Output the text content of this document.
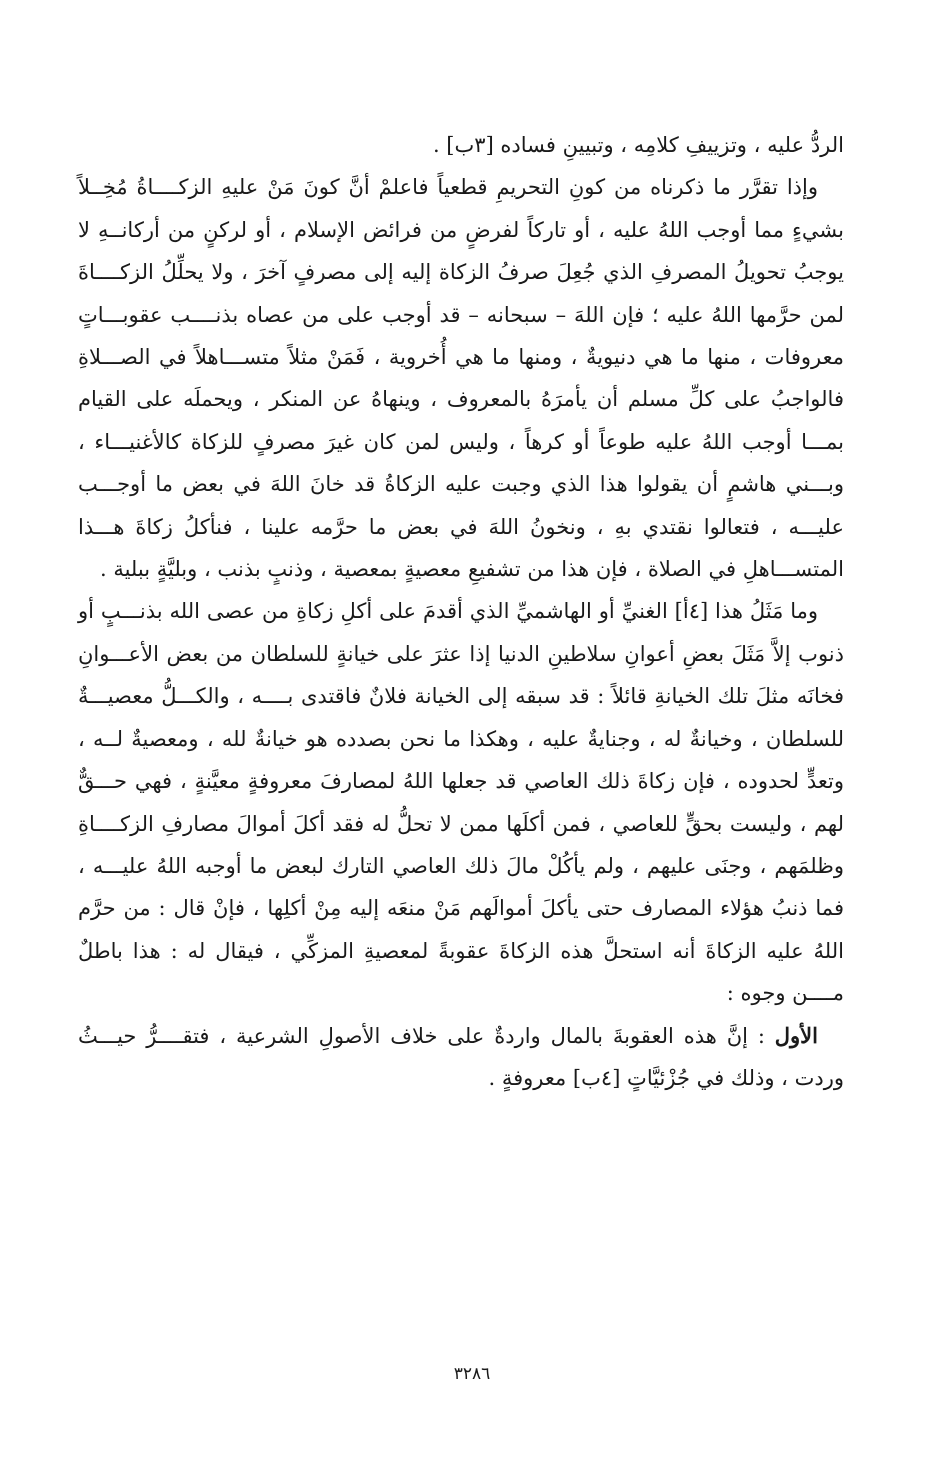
الردُّ عليه ، وتزييفِ كلامِه ، وتبيينِ فساده [٣ب] .

وإذا تقرَّر ما ذكرناه من كونِ التحريمِ قطعياً فاعلمْ أنَّ كونَ مَنْ عليهِ الزكــــاةُ مُخِــلاً بشيءٍ مما أوجب اللهُ عليه ، أو تاركاً لفرضٍ من فرائض الإسلام ، أو لركنٍ من أركانــهِ لا يوجبُ تحويلُ المصرفِ الذي جُعِلَ صرفُ الزكاة إليه إلى مصرفٍ آخرَ ، ولا يحلِّلُ الزكــــاةَ لمن حرَّمها اللهُ عليه ؛ فإن اللهَ – سبحانه – قد أوجب على من عصاه بذنــــب عقوبـــاتٍ معروفات ، منها ما هي دنيويةٌ ، ومنها ما هي أُخروية ، فَمَنْ مثلاً متســـاهلاً في الصـــلاةِ فالواجبُ على كلِّ مسلم أن يأمرَهُ بالمعروف ، وينهاهُ عن المنكر ، ويحملَه على القيام بمـــا أوجب اللهُ عليه طوعاً أو كرهاً ، وليس لمن كان غيرَ مصرفٍ للزكاة كالأغنيـــاء ، وبـــني هاشمٍ أن يقولوا هذا الذي وجبت عليه الزكاةُ قد خانَ اللهَ في بعض ما أوجـــب عليـــه ، فتعالوا نقتدي بهِ ، ونخونُ اللهَ في بعض ما حرَّمه علينا ، فنأكلُ زكاةَ هـــذا المتســـاهلِ في الصلاة ، فإن هذا من تشفيعِ معصيةٍ بمعصية ، وذنبٍ بذنب ، وبليَّةٍ ببلية .

وما مَثَلُ هذا [٤أ] الغنيِّ أو الهاشميِّ الذي أقدمَ على أكلِ زكاةِ من عصى الله بذنـــبٍ أو ذنوب إلاَّ مَثَلَ بعضِ أعوانِ سلاطينِ الدنيا إذا عثرَ على خيانةٍ للسلطان من بعض الأعـــوانِ فخانَه مثلَ تلك الخيانةِ قائلاً : قد سبقه إلى الخيانة فلانٌ فاقتدى بــــه ، والكـــلُّ معصيـــةٌ للسلطان ، وخيانةٌ له ، وجنايةٌ عليه ، وهكذا ما نحن بصدده هو خيانةٌ لله ، ومعصيةٌ لــه ، وتعدٍّ لحدوده ، فإن زكاةَ ذلك العاصي قد جعلها اللهُ لمصارفَ معروفةٍ معيَّنةٍ ، فهي حـــقٌّ لهم ، وليست بحقٍّ للعاصي ، فمن أكلَها ممن لا تحلُّ له فقد أكلَ أموالَ مصارفِ الزكــــاةِ وظلمَهم ، وجنَى عليهم ، ولم يأكُلْ مالَ ذلك العاصي التارك لبعض ما أوجبه اللهُ عليـــه ، فما ذنبُ هؤلاء المصارف حتى يأكلَ أموالَهم مَنْ منعَه إليه مِنْ أكلِها ، فإنْ قال : من حرَّم اللهُ عليه الزكاةَ أنه استحلَّ هذه الزكاةَ عقوبةً لمعصيةِ المزكِّي ، فيقال له : هذا باطلٌ مــــن وجوه :

الأول : إنَّ هذه العقوبةَ بالمال واردةٌ على خلاف الأصولِ الشرعية ، فتقــــرُّ حيـــثُ وردت ، وذلك في جُزْئيَّاتٍ [٤ب] معروفةٍ .

٣٢٨٦
